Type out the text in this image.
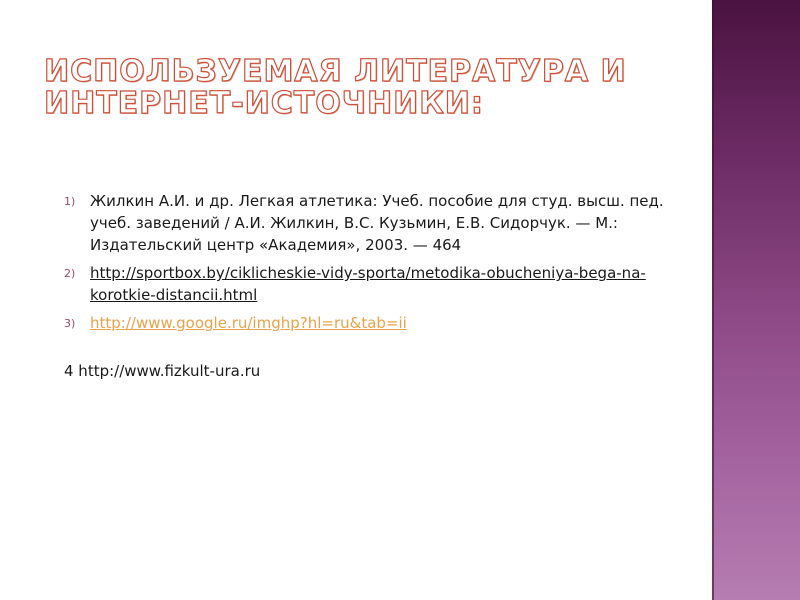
ИСПОЛЬЗУЕМАЯ ЛИТЕРАТУРА И
ИНТЕРНЕТ-ИСТОЧНИКИ:
1) Жилкин А.И. и др. Легкая атлетика: Учеб. пособие для студ. высш. пед. учеб. заведений / А.И. Жилкин, В.С. Кузьмин, Е.В. Сидорчук. — М.: Издательский центр «Академия», 2003. — 464
2) http://sportbox.by/ciklicheskie-vidy-sporta/metodika-obucheniya-bega-na-korotkie-distancii.html
3) http://www.google.ru/imghp?hl=ru&tab=ii
4 http://www.fizkult-ura.ru
